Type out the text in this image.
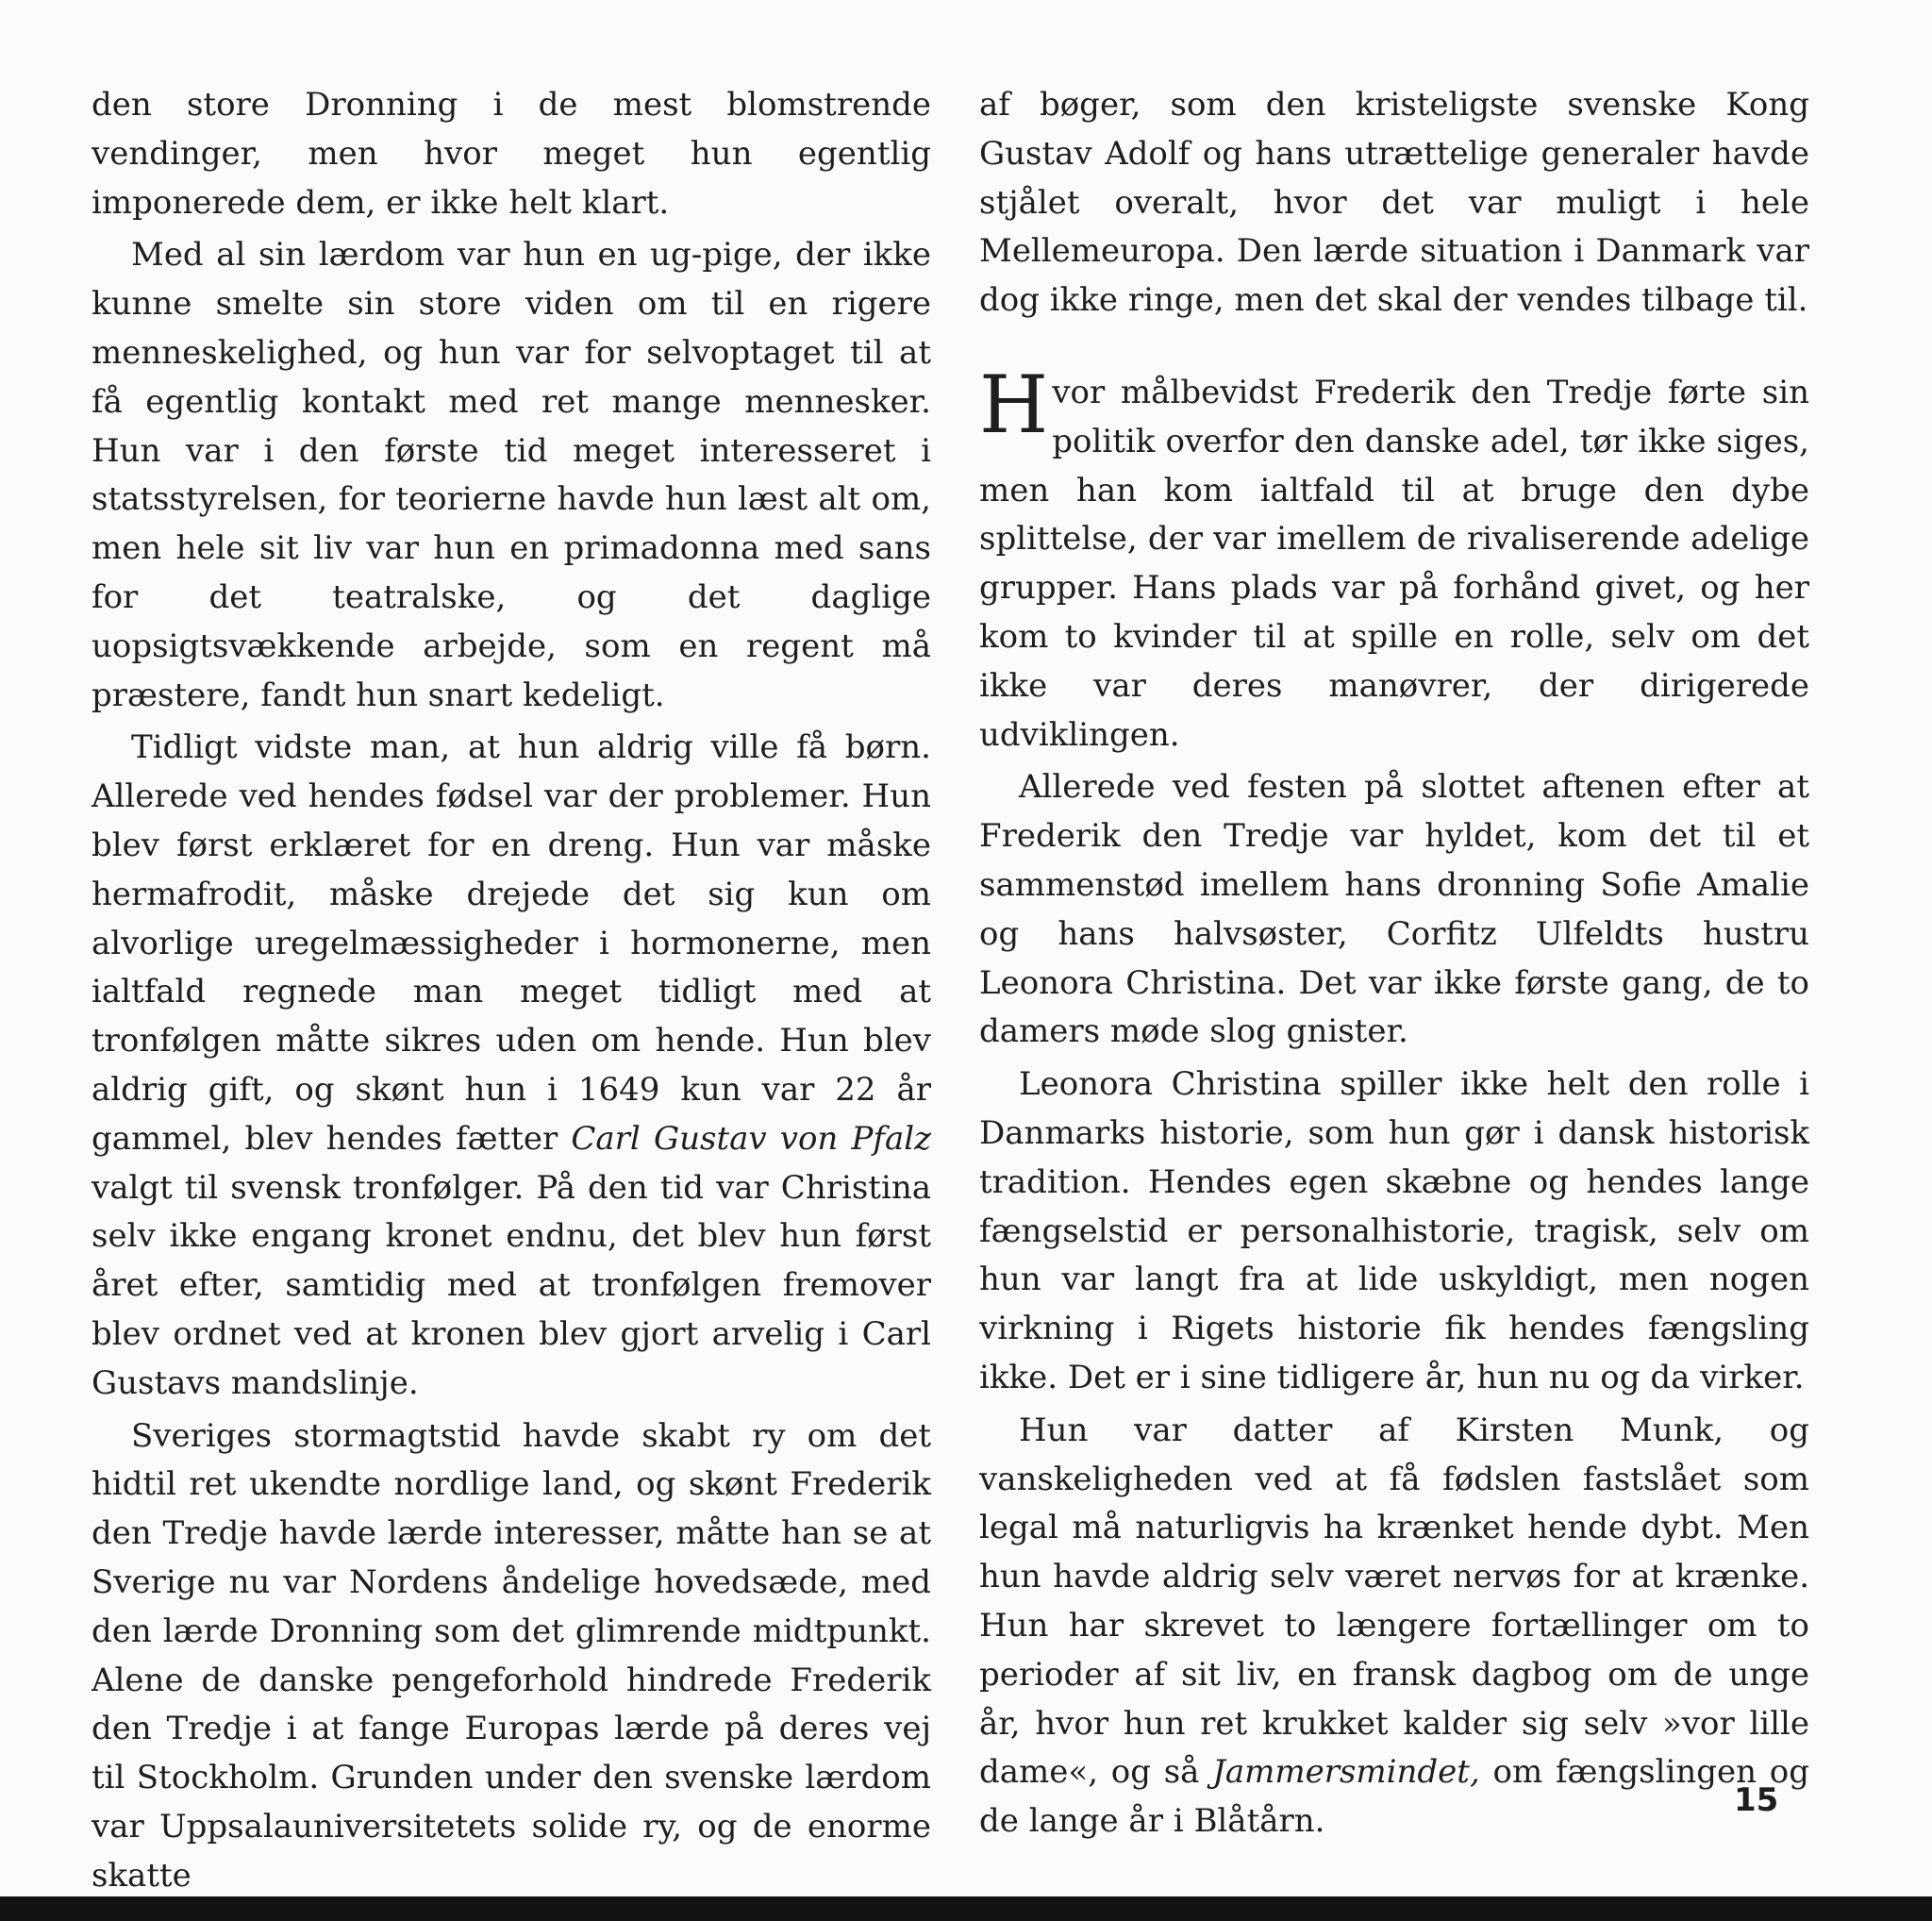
den store Dronning i de mest blomstrende vendinger, men hvor meget hun egentlig imponerede dem, er ikke helt klart.

Med al sin lærdom var hun en ug-pige, der ikke kunne smelte sin store viden om til en rigere menneskelighed, og hun var for selvoptaget til at få egentlig kontakt med ret mange mennesker. Hun var i den første tid meget interesseret i statsstyrelsen, for teorierne havde hun læst alt om, men hele sit liv var hun en primadonna med sans for det teatralske, og det daglige uopsigtsvækkende arbejde, som en regent må præstere, fandt hun snart kedeligt.

Tidligt vidste man, at hun aldrig ville få børn. Allerede ved hendes fødsel var der problemer. Hun blev først erklæret for en dreng. Hun var måske hermafrodit, måske drejede det sig kun om alvorlige uregelmæssigheder i hormonerne, men ialtfald regnede man meget tidligt med at tronfølgen måtte sikres uden om hende. Hun blev aldrig gift, og skønt hun i 1649 kun var 22 år gammel, blev hendes fætter Carl Gustav von Pfalz valgt til svensk tronfølger. På den tid var Christina selv ikke engang kronet endnu, det blev hun først året efter, samtidig med at tronfølgen fremover blev ordnet ved at kronen blev gjort arvelig i Carl Gustavs mandslinje.

Sveriges stormagtstid havde skabt ry om det hidtil ret ukendte nordlige land, og skønt Frederik den Tredje havde lærde interesser, måtte han se at Sverige nu var Nordens åndelige hovedsæde, med den lærde Dronning som det glimrende midtpunkt. Alene de danske pengeforhold hindrede Frederik den Tredje i at fange Europas lærde på deres vej til Stockholm. Grunden under den svenske lærdom var Uppsalauniversitetets solide ry, og de enorme skatte

af bøger, som den kristeligste svenske Kong Gustav Adolf og hans utrættelige generaler havde stjålet overalt, hvor det var muligt i hele Mellemeuropa. Den lærde situation i Danmark var dog ikke ringe, men det skal der vendes tilbage til.

Hvor målbevidst Frederik den Tredje førte sin politik overfor den danske adel, tør ikke siges, men han kom ialtfald til at bruge den dybe splittelse, der var imellem de rivaliserende adelige grupper. Hans plads var på forhånd givet, og her kom to kvinder til at spille en rolle, selv om det ikke var deres manøvrer, der dirigerede udviklingen.

Allerede ved festen på slottet aftenen efter at Frederik den Tredje var hyldet, kom det til et sammenstød imellem hans dronning Sofie Amalie og hans halvsøster, Corfitz Ulfeldts hustru Leonora Christina. Det var ikke første gang, de to damers møde slog gnister.

Leonora Christina spiller ikke helt den rolle i Danmarks historie, som hun gør i dansk historisk tradition. Hendes egen skæbne og hendes lange fængselstid er personalhistorie, tragisk, selv om hun var langt fra at lide uskyldigt, men nogen virkning i Rigets historie fik hendes fængsling ikke. Det er i sine tidligere år, hun nu og da virker.

Hun var datter af Kirsten Munk, og vanskeligheden ved at få fødslen fastslået som legal må naturligvis ha krænket hende dybt. Men hun havde aldrig selv været nervøs for at krænke. Hun har skrevet to længere fortællinger om to perioder af sit liv, en fransk dagbog om de unge år, hvor hun ret krukket kalder sig selv »vor lille dame«, og så Jammersmindet, om fængslingen og de lange år i Blåtårn.

15
